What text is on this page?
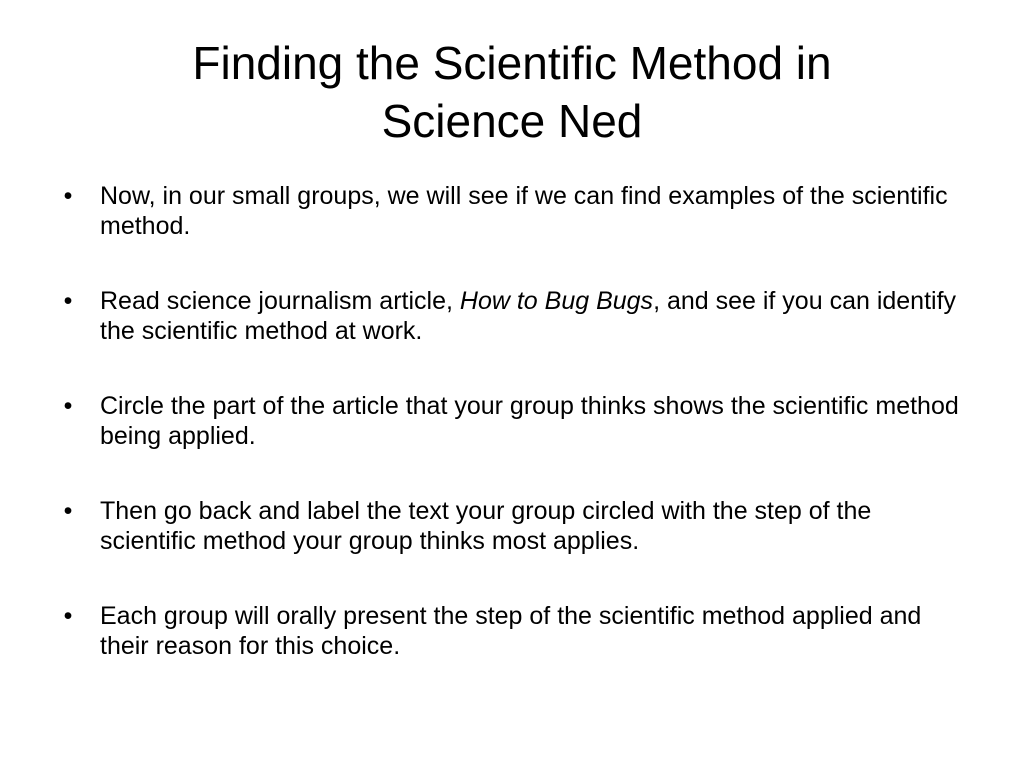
Finding the Scientific Method in
Science Ned
• Now, in our small groups, we will see if we can find examples of the scientific method.
• Read science journalism article, How to Bug Bugs, and see if you can identify the scientific method at work.
• Circle the part of the article that your group thinks shows the scientific method being applied.
• Then go back and label the text your group circled with the step of the scientific method your group thinks most applies.
• Each group will orally present the step of the scientific method applied and their reason for this choice.
